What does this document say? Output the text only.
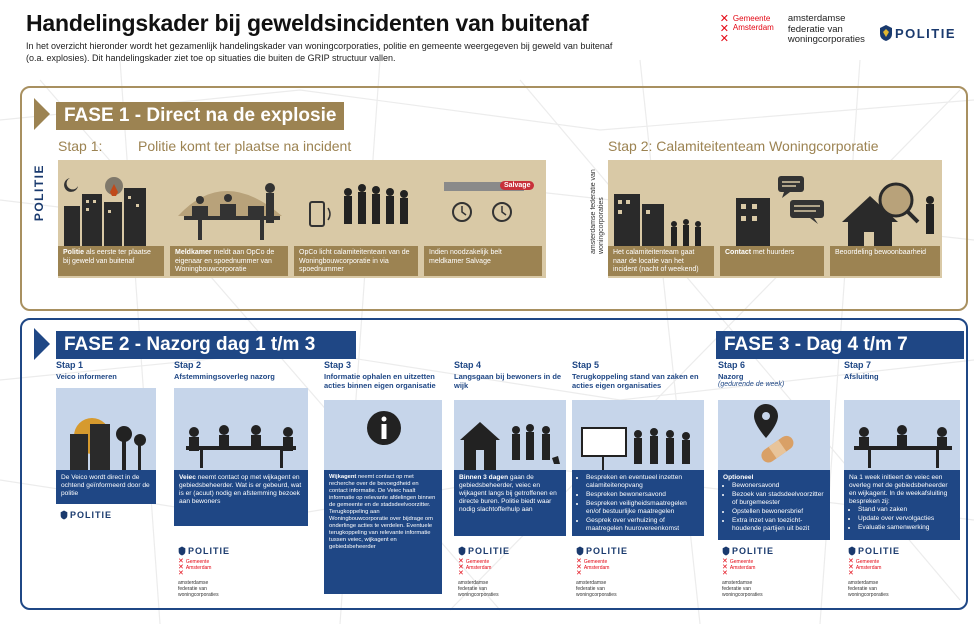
Handelingskader bij geweldsincidenten van buitenaf
In het overzicht hieronder wordt het gezamenlijk handelingskader van woningcorporaties, politie en gemeente weergegeven bij geweld van buitenaf (o.a. explosies). Dit handelingskader ziet toe op situaties die buiten de GRIP structuur vallen.
✕
✕
✕
Gemeente
Amsterdam
amsterdamse
federatie van
woningcorporaties POLITIE
FASE 1 - Direct na de explosie
Stap 1:	Politie komt ter plaatse na incident	Stap 2: Calamiteitenteam Woningcorporatie
POLITIE	amsterdamse federatie van woningcorporaties
Salvage
Politie als eerste ter plaatse bij geweld van buitenaf
Meldkamer meldt aan OpCo de eigenaar en spoednummer van Woningbouwcorporatie
OpCo licht calamiteitenteam van de Woningbouwcorporatie in via spoednummer
Indien noodzakelijk belt meldkamer Salvage
Het calamiteitenteam gaat naar de locatie van het incident (nacht of weekend)
Contact met huurders	Beoordeling bewoonbaarheid
FASE 2 - Nazorg dag 1 t/m 3	FASE 3 - Dag 4 t/m 7
Stap 1
Veico informeren
De Veico wordt direct in de ochtend geïnformeerd door de politie
POLITIE
Stap 2
Afstemmingsoverleg nazorg
Veiec neemt contact op met wijkagent en gebiedsbeheerder. Wat is er gebeurd, wat is er (acuut) nodig en afstemming bezoek aan bewoners
POLITIE
✕
✕
✕
Gemeente
Amsterdam
amsterdamse
federatie van
woningcorporaties
Stap 3
Informatie ophalen en uitzetten acties binnen eigen organisatie
Wijkagent neemt contact op met recherche over de bevoegdheid en contact informatie. De Veiec haalt informatie op relevante afdelingen binnen de gemeente en de stadsdeelvoorzitter. Terugkoppeling aan Woningbouwcorporatie over bijdrage om onderlinge acties te verdelen. Eventuele terugkoppeling van relevante informatie tussen veiec, wijkagent en gebiedsbeheerder
Stap 4
Langsgaan bij bewoners in de wijk
Binnen 3 dagen gaan de gebiedsbeheerder, veiec en wijkagent langs bij getroffenen en directe buren. Politie biedt waar nodig slachtofferhulp aan
POLITIE
✕
✕
✕
Gemeente
Amsterdam
amsterdamse
federatie van
woningcorporaties
Stap 5
Terugkoppeling stand van zaken en acties eigen organisaties
• Bespreken en eventueel inzetten calamiteitenopvang
• Bespreken bewonersavond
• Bespreken veiligheidsmaatregelen en/of bestuurlijke maatregelen
• Gesprek over verhuizing of maatregelen huurovereenkomst
POLITIE
✕
✕
✕
Gemeente
Amsterdam
amsterdamse
federatie van
woningcorporaties
Stap 6
Nazorg
(gedurende de week)
Optioneel
• Bewonersavond
• Bezoek van stadsdeelvoorzitter of burgemeester
• Opstellen bewonersbrief
• Extra inzet van toezicht-houdende partijen uit bezit
POLITIE
✕
✕
✕
Gemeente
Amsterdam
amsterdamse
federatie van
woningcorporaties
Stap 7
Afsluiting
Na 1 week initieert de veiec een overleg met de gebiedsbeheerder en wijkagent. In de weekafsluiting bespreken zij:
• Stand van zaken
• Update over vervolgacties
• Evaluatie samenwerking
POLITIE
✕
✕
✕
Gemeente
Amsterdam
amsterdamse
federatie van
woningcorporaties
